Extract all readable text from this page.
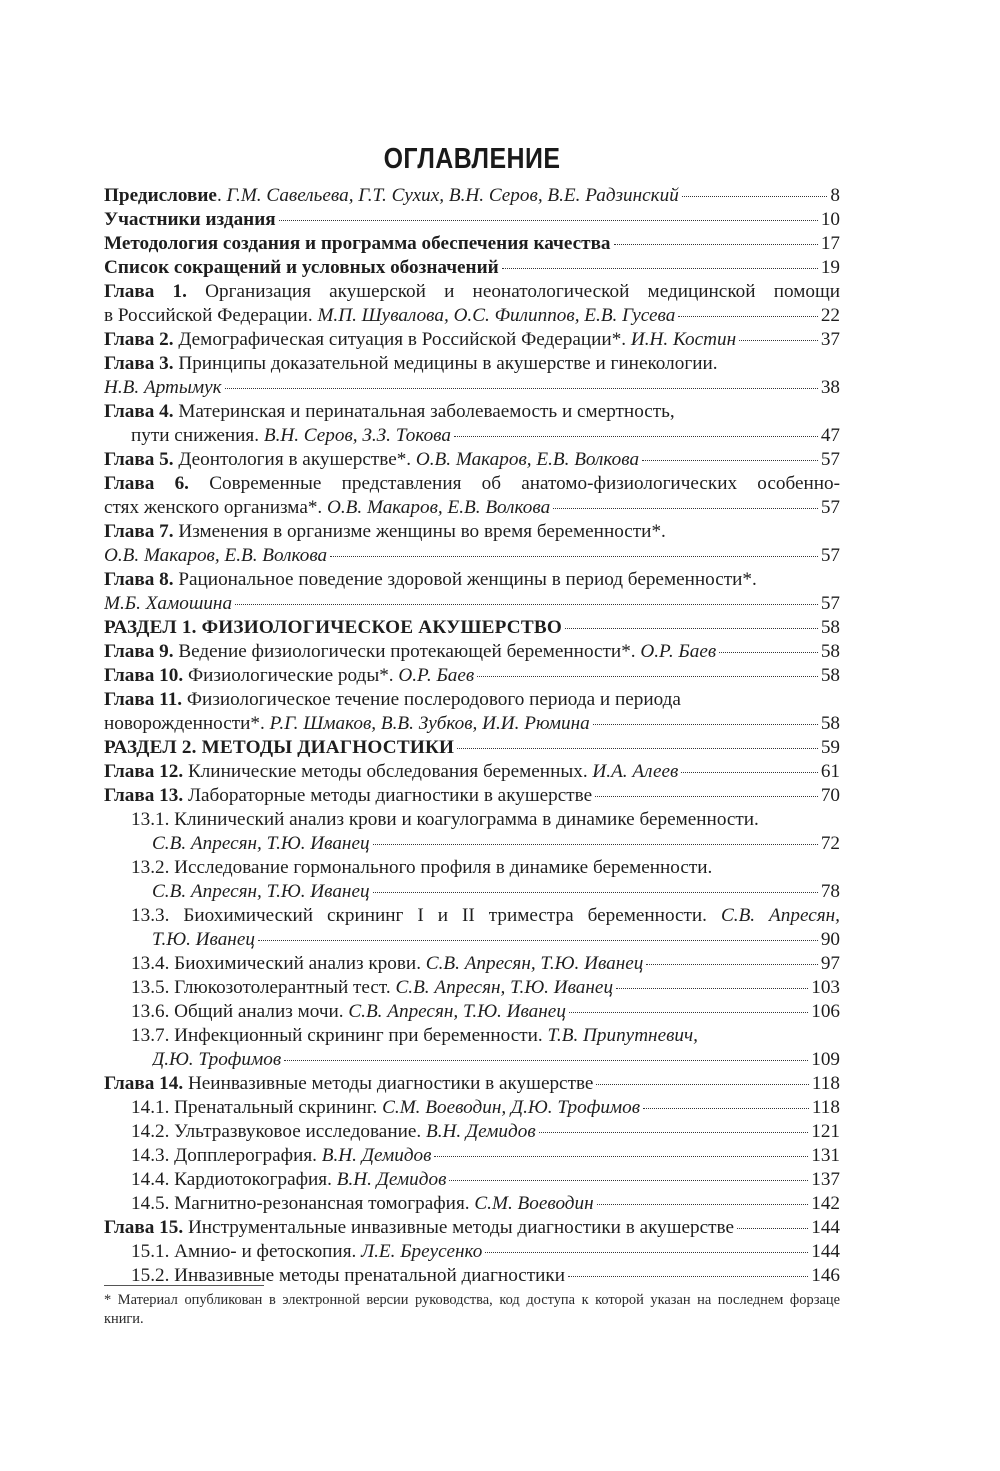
ОГЛАВЛЕНИЕ
Предисловие. Г.М. Савельева, Г.Т. Сухих, В.Н. Серов, В.Е. Радзинский	8
Участники издания	10
Методология создания и программа обеспечения качества	17
Список сокращений и условных обозначений	19
Глава 1. Организация акушерской и неонатологической медицинской помощи
в Российской Федерации. М.П. Шувалова, О.С. Филиппов, Е.В. Гусева	22
Глава 2. Демографическая ситуация в Российской Федерации*. И.Н. Костин	37
Глава 3. Принципы доказательной медицины в акушерстве и гинекологии.
Н.В. Артымук	38
Глава 4. Материнская и перинатальная заболеваемость и смертность,
пути снижения. В.Н. Серов, З.З. Токова	47
Глава 5. Деонтология в акушерстве*. О.В. Макаров, Е.В. Волкова	57
Глава 6. Современные представления об анатомо-физиологических особенно-
стях женского организма*. О.В. Макаров, Е.В. Волкова	57
Глава 7. Изменения в организме женщины во время беременности*.
О.В. Макаров, Е.В. Волкова	57
Глава 8. Рациональное поведение здоровой женщины в период беременности*.
М.Б. Хамошина	57
РАЗДЕЛ 1. ФИЗИОЛОГИЧЕСКОЕ АКУШЕРСТВО	58
Глава 9. Ведение физиологически протекающей беременности*. О.Р. Баев	58
Глава 10. Физиологические роды*. О.Р. Баев	58
Глава 11. Физиологическое течение послеродового периода и периода
новорожденности*. Р.Г. Шмаков, В.В. Зубков, И.И. Рюмина	58
РАЗДЕЛ 2. МЕТОДЫ ДИАГНОСТИКИ	59
Глава 12. Клинические методы обследования беременных. И.А. Алеев	61
Глава 13. Лабораторные методы диагностики в акушерстве	70
13.1. Клинический анализ крови и коагулограмма в динамике беременности.
С.В. Апресян, Т.Ю. Иванец	72
13.2. Исследование гормонального профиля в динамике беременности.
С.В. Апресян, Т.Ю. Иванец	78
13.3. Биохимический скрининг I и II триместра беременности. С.В. Апресян,
Т.Ю. Иванец	90
13.4. Биохимический анализ крови. С.В. Апресян, Т.Ю. Иванец	97
13.5. Глюкозотолерантный тест. С.В. Апресян, Т.Ю. Иванец	103
13.6. Общий анализ мочи. С.В. Апресян, Т.Ю. Иванец	106
13.7. Инфекционный скрининг при беременности. Т.В. Припутневич,
Д.Ю. Трофимов	109
Глава 14. Неинвазивные методы диагностики в акушерстве	118
14.1. Пренатальный скрининг. С.М. Воеводин, Д.Ю. Трофимов	118
14.2. Ультразвуковое исследование. В.Н. Демидов	121
14.3. Допплерография. В.Н. Демидов	131
14.4. Кардиотокография. В.Н. Демидов	137
14.5. Магнитно-резонансная томография. С.М. Воеводин	142
Глава 15. Инструментальные инвазивные методы диагностики в акушерстве	144
15.1. Амнио- и фетоскопия. Л.Е. Бреусенко	144
15.2. Инвазивные методы пренатальной диагностики	146
* Материал опубликован в электронной версии руководства, код доступа к которой указан на последнем форзаце книги.
